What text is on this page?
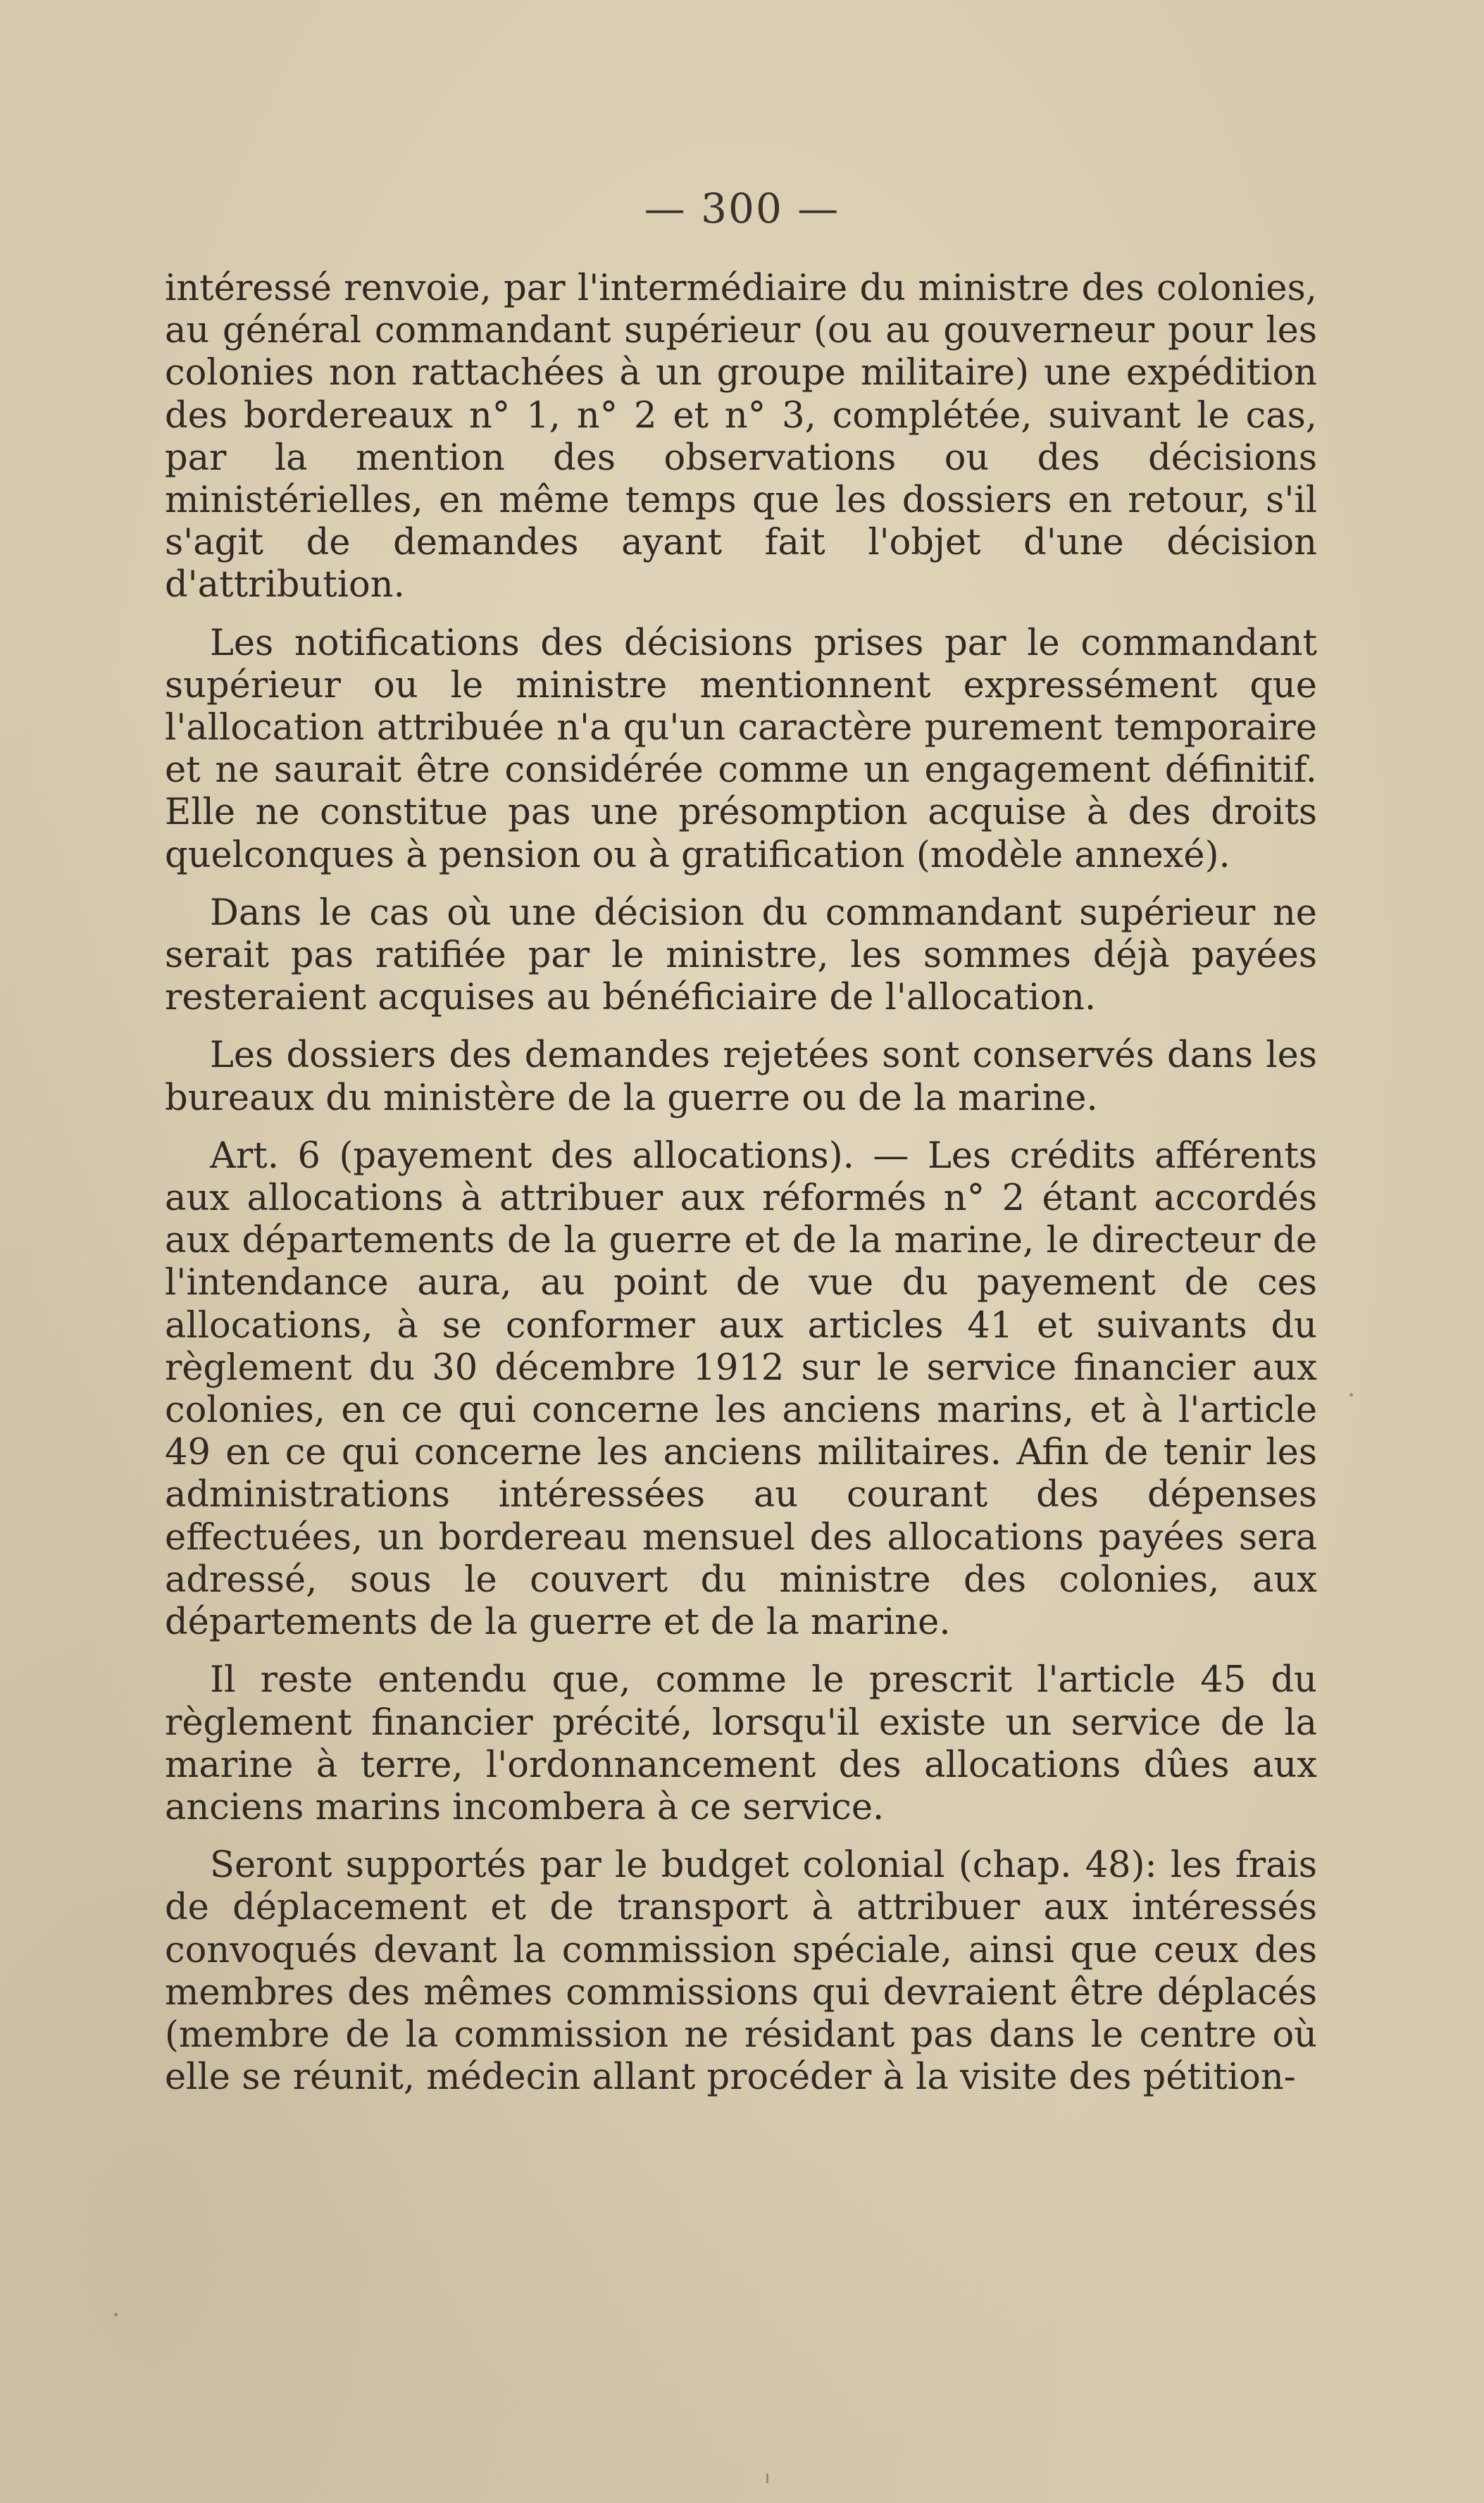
— 300 —

intéressé renvoie, par l'intermédiaire du ministre des colonies, au général commandant supérieur (ou au gouverneur pour les colonies non rattachées à un groupe militaire) une expédition des bordereaux n° 1, n° 2 et n° 3, complétée, suivant le cas, par la mention des observations ou des décisions ministérielles, en même temps que les dossiers en retour, s'il s'agit de demandes ayant fait l'objet d'une décision d'attribution.

Les notifications des décisions prises par le commandant supérieur ou le ministre mentionnent expressément que l'allocation attribuée n'a qu'un caractère purement temporaire et ne saurait être considérée comme un engagement définitif. Elle ne constitue pas une présomption acquise à des droits quelconques à pension ou à gratification (modèle annexé).

Dans le cas où une décision du commandant supérieur ne serait pas ratifiée par le ministre, les sommes déjà payées resteraient acquises au bénéficiaire de l'allocation.

Les dossiers des demandes rejetées sont conservés dans les bureaux du ministère de la guerre ou de la marine.

Art. 6 (payement des allocations). — Les crédits afférents aux allocations à attribuer aux réformés n° 2 étant accordés aux départements de la guerre et de la marine, le directeur de l'intendance aura, au point de vue du payement de ces allocations, à se conformer aux articles 41 et suivants du règlement du 30 décembre 1912 sur le service financier aux colonies, en ce qui concerne les anciens marins, et à l'article 49 en ce qui concerne les anciens militaires. Afin de tenir les administrations intéressées au courant des dépenses effectuées, un bordereau mensuel des allocations payées sera adressé, sous le couvert du ministre des colonies, aux départements de la guerre et de la marine.

Il reste entendu que, comme le prescrit l'article 45 du règlement financier précité, lorsqu'il existe un service de la marine à terre, l'ordonnancement des allocations dûes aux anciens marins incombera à ce service.

Seront supportés par le budget colonial (chap. 48): les frais de déplacement et de transport à attribuer aux intéressés convoqués devant la commission spéciale, ainsi que ceux des membres des mêmes commissions qui devraient être déplacés (membre de la commission ne résidant pas dans le centre où elle se réunit, médecin allant procéder à la visite des pétition-
